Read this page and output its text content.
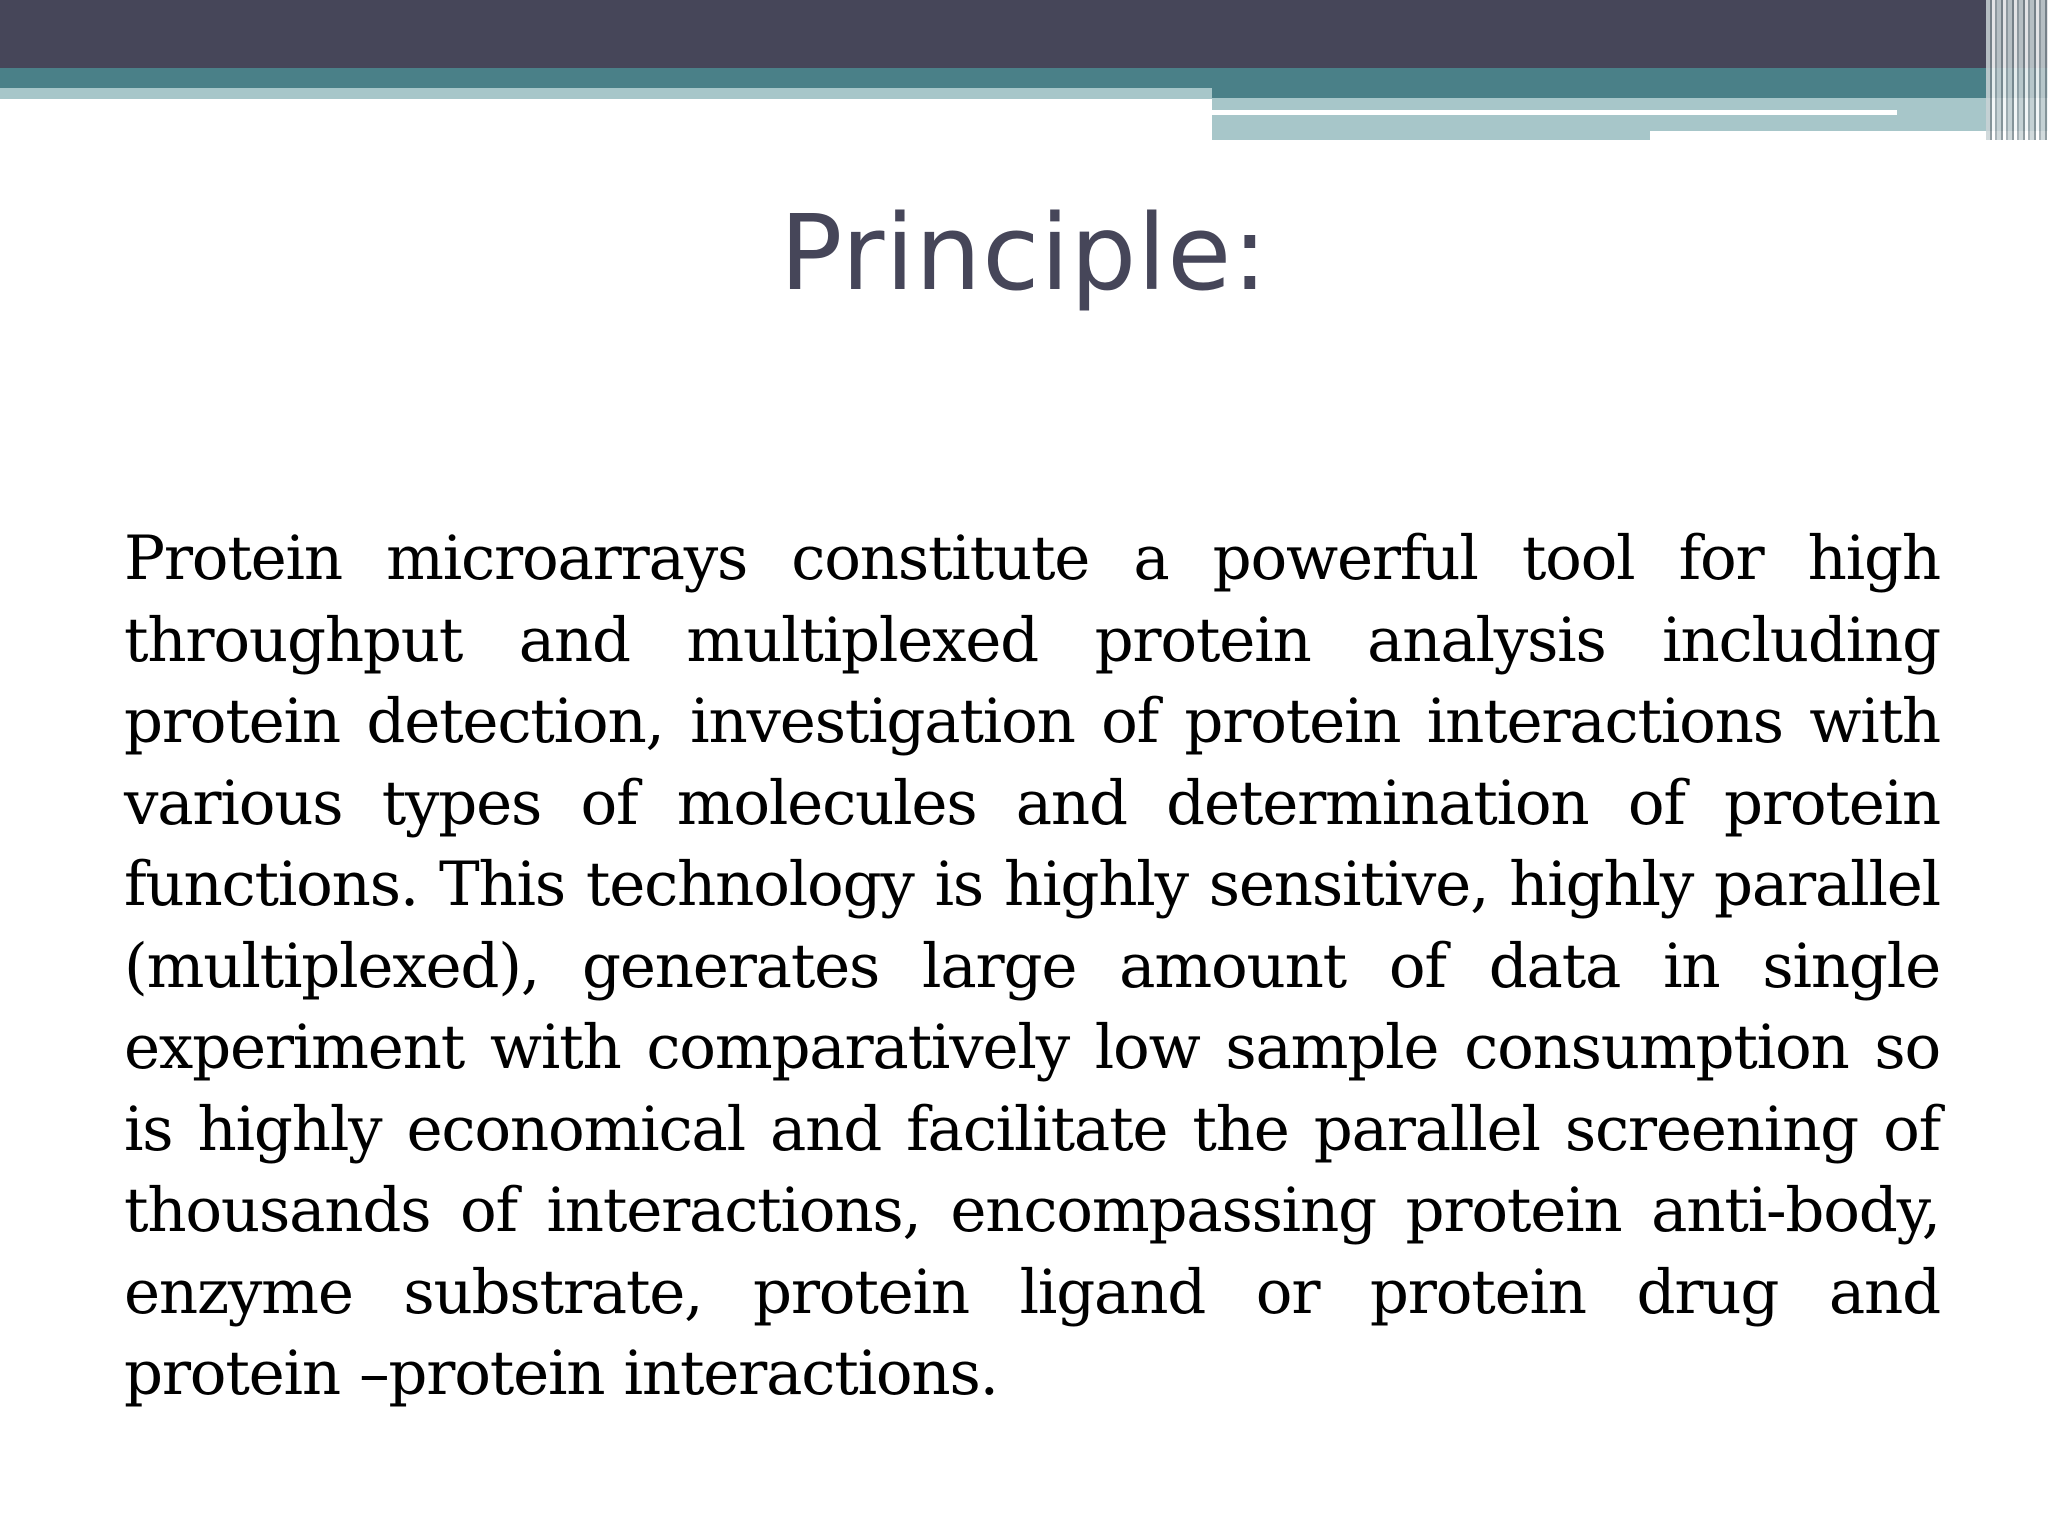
Principle:

Protein microarrays constitute a powerful tool for high throughput and multiplexed protein analysis including protein detection, investigation of protein interactions with various types of molecules and determination of protein functions. This technology is highly sensitive, highly parallel (multiplexed), generates large amount of data in single experiment with comparatively low sample consumption so is highly economical and facilitate the parallel screening of thousands of interactions, encompassing protein anti-body, enzyme substrate, protein ligand or protein drug and protein –protein interactions.
